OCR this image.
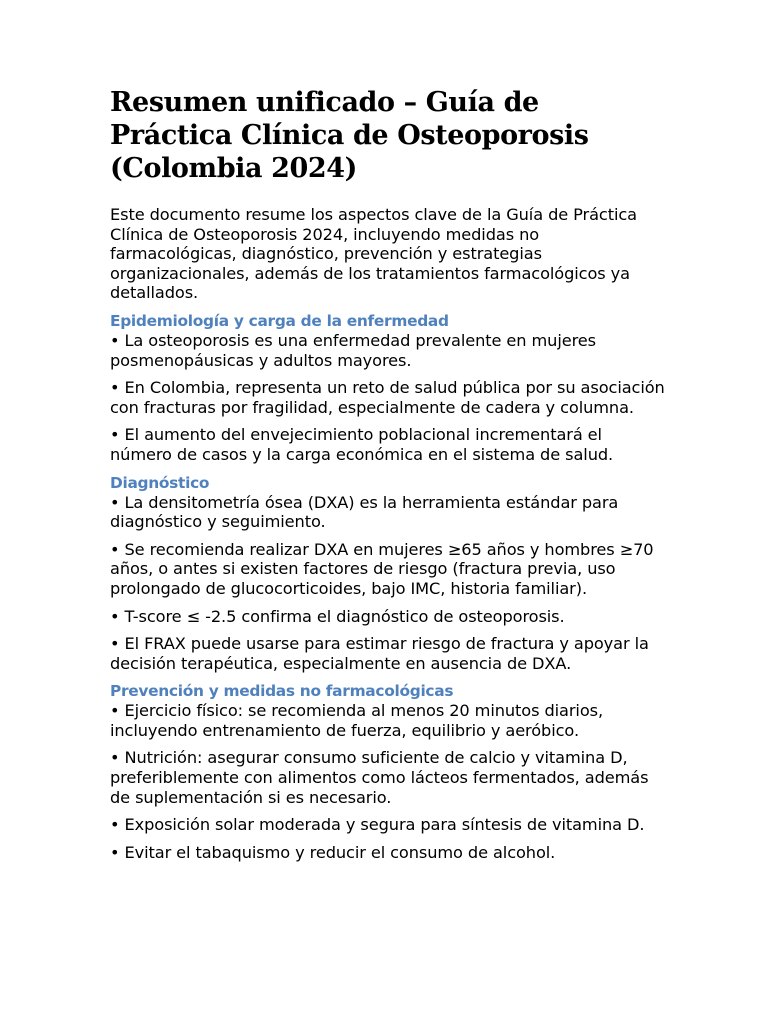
Resumen unificado – Guía de Práctica Clínica de Osteoporosis (Colombia 2024)

Este documento resume los aspectos clave de la Guía de Práctica Clínica de Osteoporosis 2024, incluyendo medidas no farmacológicas, diagnóstico, prevención y estrategias organizacionales, además de los tratamientos farmacológicos ya detallados.

Epidemiología y carga de la enfermedad
• La osteoporosis es una enfermedad prevalente en mujeres posmenopáusicas y adultos mayores.
• En Colombia, representa un reto de salud pública por su asociación con fracturas por fragilidad, especialmente de cadera y columna.
• El aumento del envejecimiento poblacional incrementará el número de casos y la carga económica en el sistema de salud.
Diagnóstico
• La densitometría ósea (DXA) es la herramienta estándar para diagnóstico y seguimiento.
• Se recomienda realizar DXA en mujeres ≥65 años y hombres ≥70 años, o antes si existen factores de riesgo (fractura previa, uso prolongado de glucocorticoides, bajo IMC, historia familiar).
• T-score ≤ -2.5 confirma el diagnóstico de osteoporosis.
• El FRAX puede usarse para estimar riesgo de fractura y apoyar la decisión terapéutica, especialmente en ausencia de DXA.
Prevención y medidas no farmacológicas
• Ejercicio físico: se recomienda al menos 20 minutos diarios, incluyendo entrenamiento de fuerza, equilibrio y aeróbico.
• Nutrición: asegurar consumo suficiente de calcio y vitamina D, preferiblemente con alimentos como lácteos fermentados, además de suplementación si es necesario.
• Exposición solar moderada y segura para síntesis de vitamina D.
• Evitar el tabaquismo y reducir el consumo de alcohol.
